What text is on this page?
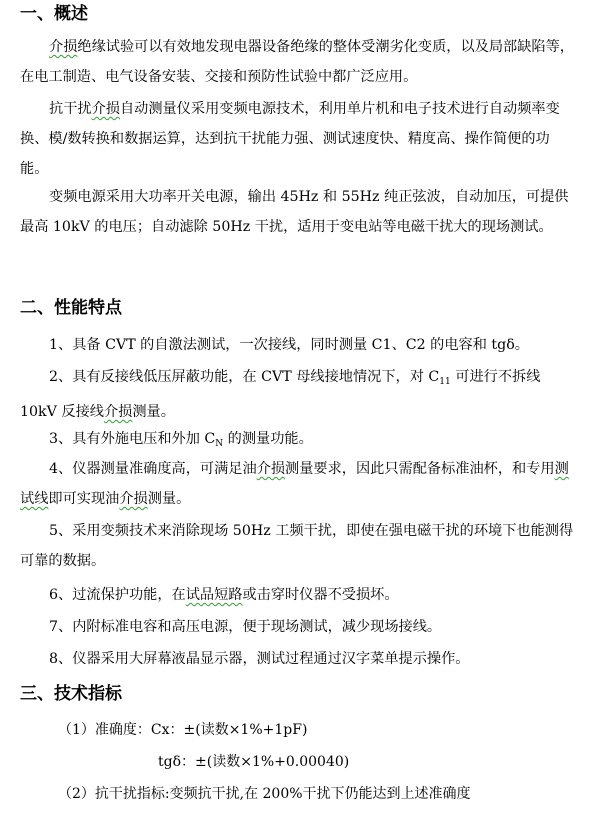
一、概述

介损绝缘试验可以有效地发现电器设备绝缘的整体受潮劣化变质，以及局部缺陷等，在电工制造、电气设备安装、交接和预防性试验中都广泛应用。

抗干扰介损自动测量仪采用变频电源技术，利用单片机和电子技术进行自动频率变换、模/数转换和数据运算，达到抗干扰能力强、测试速度快、精度高、操作简便的功能。

变频电源采用大功率开关电源，输出 45Hz 和 55Hz 纯正弦波，自动加压，可提供最高 10kV 的电压；自动滤除 50Hz 干扰，适用于变电站等电磁干扰大的现场测试。

二、性能特点

1、具备 CVT 的自激法测试，一次接线，同时测量 C1、C2 的电容和 tgδ。

2、具有反接线低压屏蔽功能，在 CVT 母线接地情况下，对 $C_{11}$ 可进行不拆线 10kV 反接线介损测量。

3、具有外施电压和外加 $C_N$ 的测量功能。

4、仪器测量准确度高，可满足油介损测量要求，因此只需配备标准油杯，和专用测试线即可实现油介损测量。

5、采用变频技术来消除现场 50Hz 工频干扰，即使在强电磁干扰的环境下也能测得可靠的数据。

6、过流保护功能，在试品短路或击穿时仪器不受损坏。

7、内附标准电容和高压电源，便于现场测试，减少现场接线。

8、仪器采用大屏幕液晶显示器，测试过程通过汉字菜单提示操作。

三、技术指标

（1）准确度：Cx：±(读数×1%+1pF)

tgδ：±(读数×1%+0.00040)

（2）抗干扰指标:变频抗干扰,在 200%干扰下仍能达到上述准确度
